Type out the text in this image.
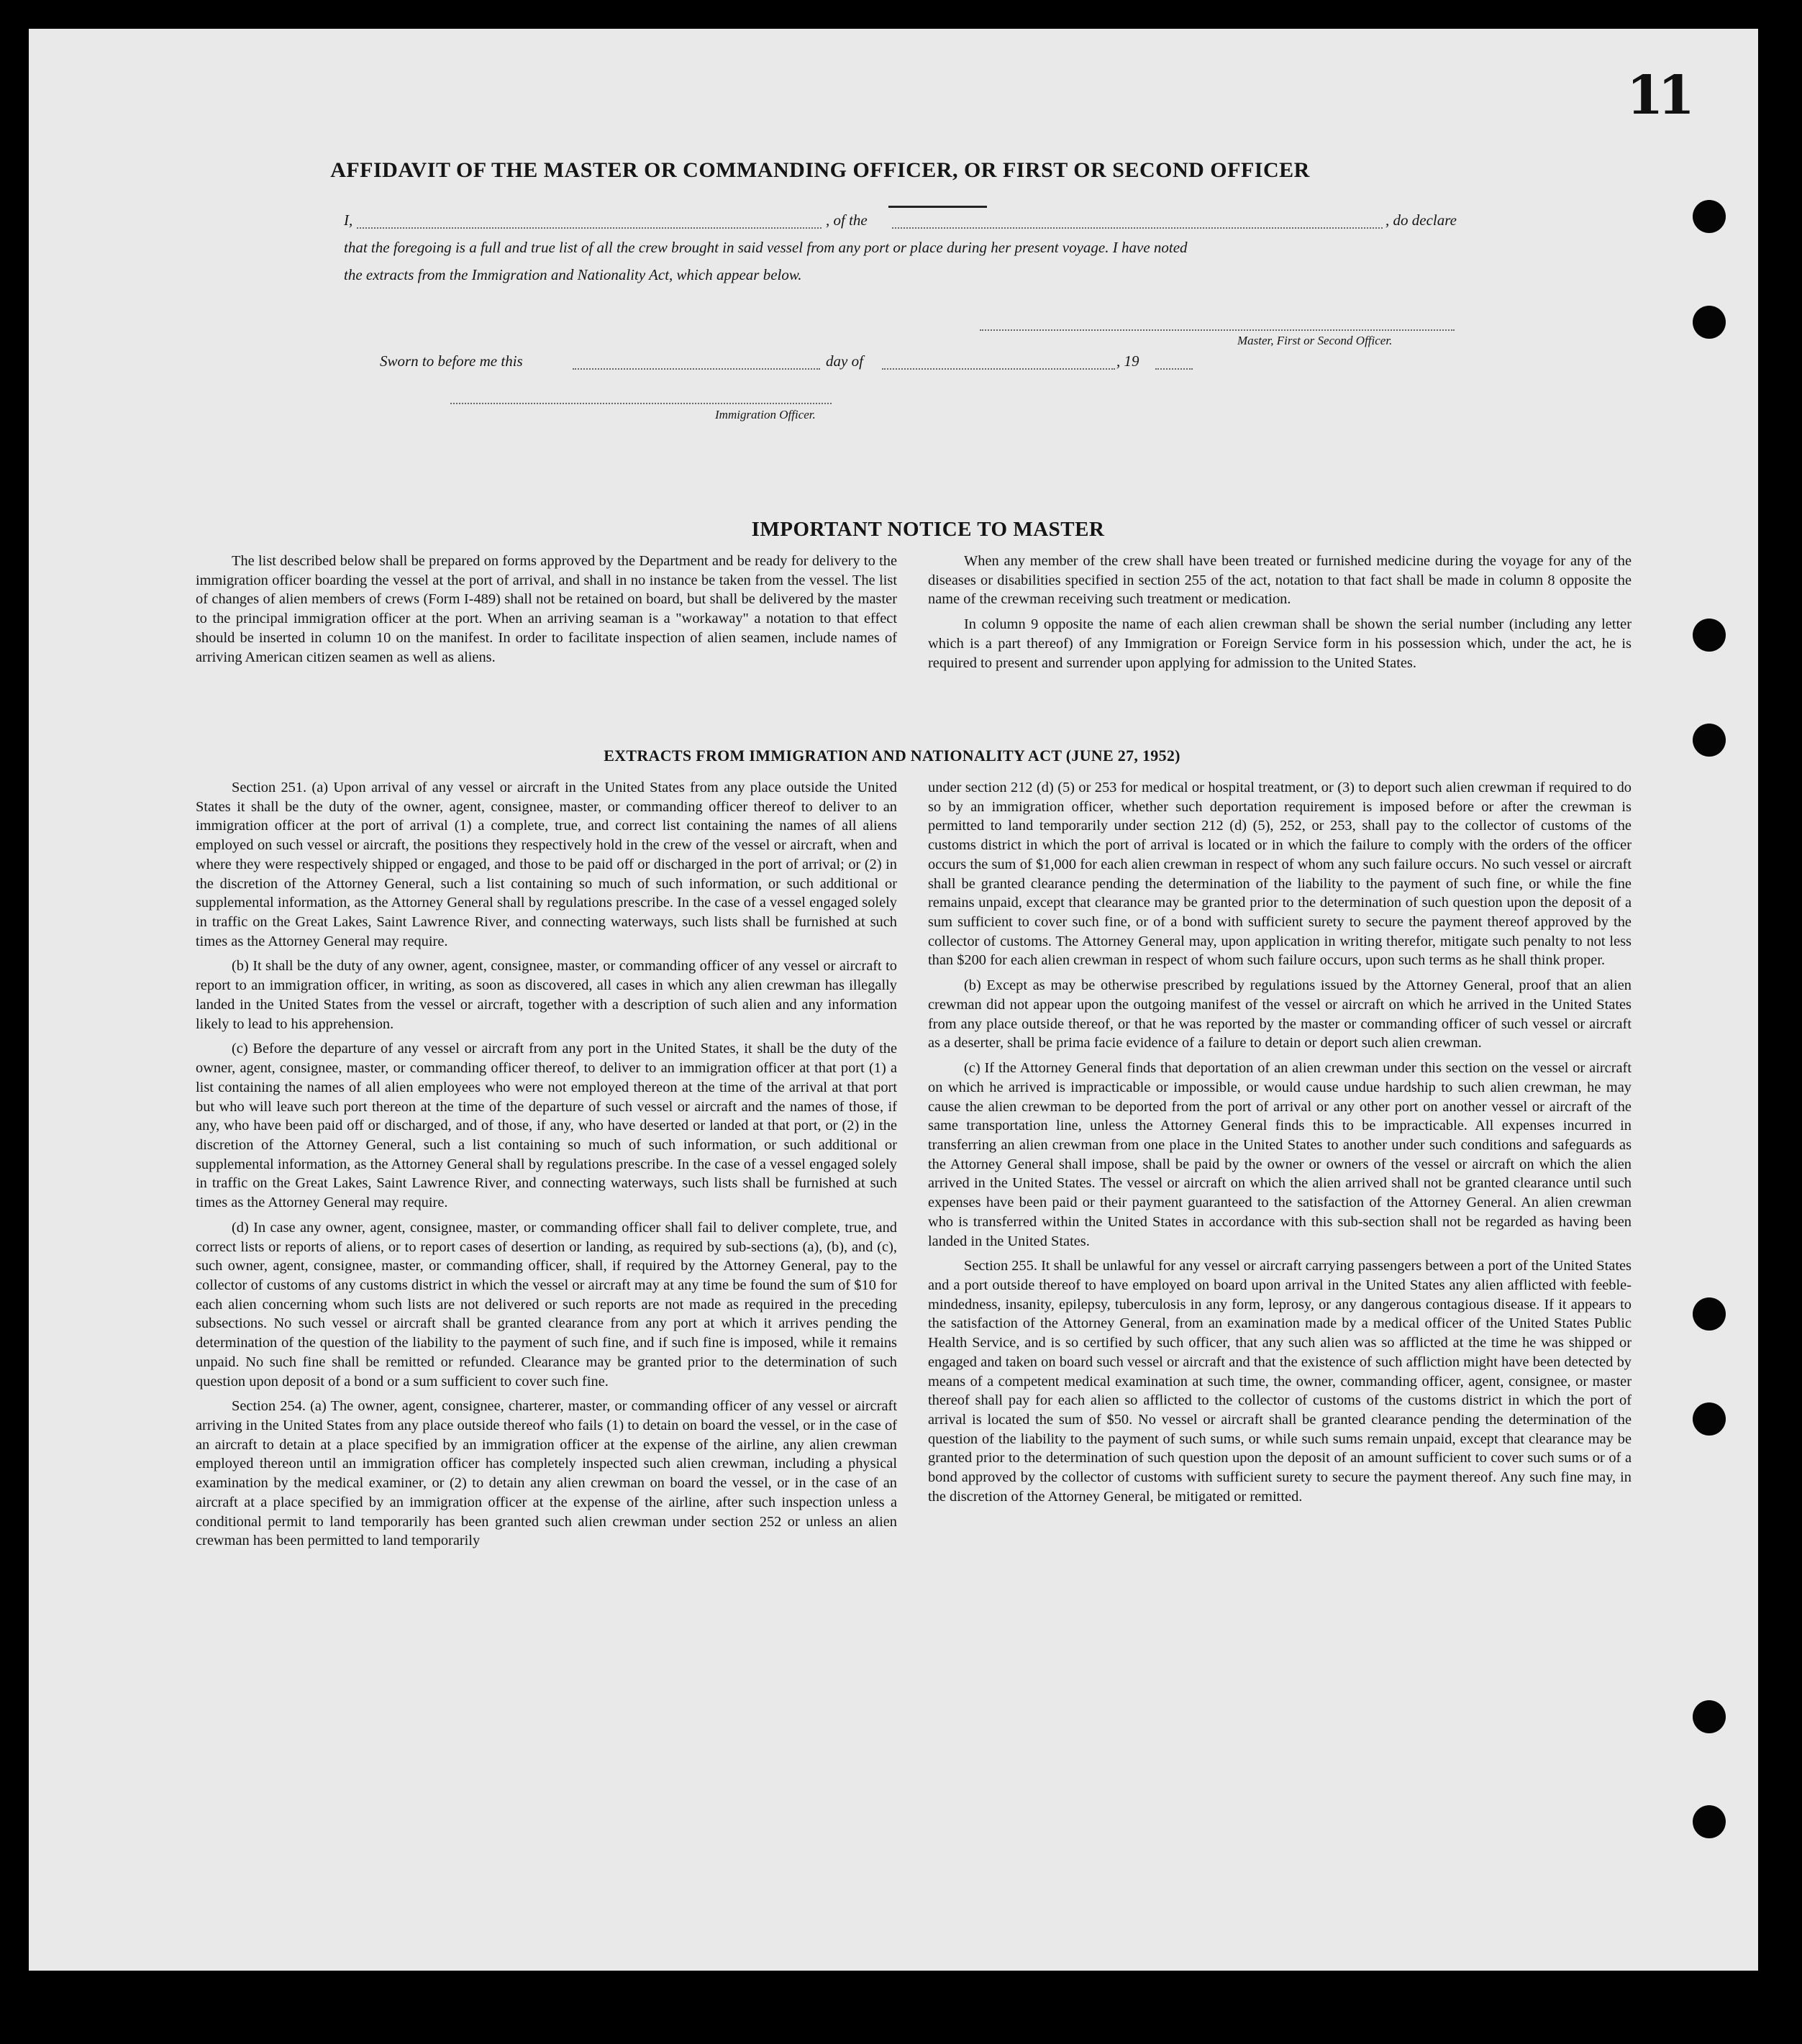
11
AFFIDAVIT OF THE MASTER OR COMMANDING OFFICER, OR FIRST OR SECOND OFFICER
I,	, of the	, do declare
that the foregoing is a full and true list of all the crew brought in said vessel from any port or place during her present voyage. I have noted
the extracts from the Immigration and Nationality Act, which appear below.
Master, First or Second Officer.
Sworn to before me this	day of	, 19
Immigration Officer.
IMPORTANT NOTICE TO MASTER

The list described below shall be prepared on forms approved by the Department and be ready for delivery to the immigration officer boarding the vessel at the port of arrival, and shall in no instance be taken from the vessel. The list of changes of alien members of crews (Form I-489) shall not be retained on board, but shall be delivered by the master to the principal immigration officer at the port. When an arriving seaman is a "workaway" a notation to that effect should be inserted in column 10 on the manifest. In order to facilitate inspection of alien seamen, include names of arriving American citizen seamen as well as aliens.

When any member of the crew shall have been treated or furnished medicine during the voyage for any of the diseases or disabilities specified in section 255 of the act, notation to that fact shall be made in column 8 opposite the name of the crewman receiving such treatment or medication.

In column 9 opposite the name of each alien crewman shall be shown the serial number (including any letter which is a part thereof) of any Immigration or Foreign Service form in his possession which, under the act, he is required to present and surrender upon applying for admission to the United States.

EXTRACTS FROM IMMIGRATION AND NATIONALITY ACT (JUNE 27, 1952)

Section 251. (a) Upon arrival of any vessel or aircraft in the United States from any place outside the United States it shall be the duty of the owner, agent, consignee, master, or commanding officer thereof to deliver to an immigration officer at the port of arrival (1) a complete, true, and correct list containing the names of all aliens employed on such vessel or aircraft, the positions they respectively hold in the crew of the vessel or aircraft, when and where they were respectively shipped or engaged, and those to be paid off or discharged in the port of arrival; or (2) in the discretion of the Attorney General, such a list containing so much of such information, or such additional or supplemental information, as the Attorney General shall by regulations prescribe. In the case of a vessel engaged solely in traffic on the Great Lakes, Saint Lawrence River, and connecting waterways, such lists shall be furnished at such times as the Attorney General may require.

(b) It shall be the duty of any owner, agent, consignee, master, or commanding officer of any vessel or aircraft to report to an immigration officer, in writing, as soon as discovered, all cases in which any alien crewman has illegally landed in the United States from the vessel or aircraft, together with a description of such alien and any information likely to lead to his apprehension.

(c) Before the departure of any vessel or aircraft from any port in the United States, it shall be the duty of the owner, agent, consignee, master, or commanding officer thereof, to deliver to an immigration officer at that port (1) a list containing the names of all alien employees who were not employed thereon at the time of the arrival at that port but who will leave such port thereon at the time of the departure of such vessel or aircraft and the names of those, if any, who have been paid off or discharged, and of those, if any, who have deserted or landed at that port, or (2) in the discretion of the Attorney General, such a list containing so much of such information, or such additional or supplemental information, as the Attorney General shall by regulations prescribe. In the case of a vessel engaged solely in traffic on the Great Lakes, Saint Lawrence River, and connecting waterways, such lists shall be furnished at such times as the Attorney General may require.

(d) In case any owner, agent, consignee, master, or commanding officer shall fail to deliver complete, true, and correct lists or reports of aliens, or to report cases of desertion or landing, as required by sub-sections (a), (b), and (c), such owner, agent, consignee, master, or commanding officer, shall, if required by the Attorney General, pay to the collector of customs of any customs district in which the vessel or aircraft may at any time be found the sum of $10 for each alien concerning whom such lists are not delivered or such reports are not made as required in the preceding subsections. No such vessel or aircraft shall be granted clearance from any port at which it arrives pending the determination of the question of the liability to the payment of such fine, and if such fine is imposed, while it remains unpaid. No such fine shall be remitted or refunded. Clearance may be granted prior to the determination of such question upon deposit of a bond or a sum sufficient to cover such fine.

Section 254. (a) The owner, agent, consignee, charterer, master, or commanding officer of any vessel or aircraft arriving in the United States from any place outside thereof who fails (1) to detain on board the vessel, or in the case of an aircraft to detain at a place specified by an immigration officer at the expense of the airline, any alien crewman employed thereon until an immigration officer has completely inspected such alien crewman, including a physical examination by the medical examiner, or (2) to detain any alien crewman on board the vessel, or in the case of an aircraft at a place specified by an immigration officer at the expense of the airline, after such inspection unless a conditional permit to land temporarily has been granted such alien crewman under section 252 or unless an alien crewman has been permitted to land temporarily

under section 212 (d) (5) or 253 for medical or hospital treatment, or (3) to deport such alien crewman if required to do so by an immigration officer, whether such deportation requirement is imposed before or after the crewman is permitted to land temporarily under section 212 (d) (5), 252, or 253, shall pay to the collector of customs of the customs district in which the port of arrival is located or in which the failure to comply with the orders of the officer occurs the sum of $1,000 for each alien crewman in respect of whom any such failure occurs. No such vessel or aircraft shall be granted clearance pending the determination of the liability to the payment of such fine, or while the fine remains unpaid, except that clearance may be granted prior to the determination of such question upon the deposit of a sum sufficient to cover such fine, or of a bond with sufficient surety to secure the payment thereof approved by the collector of customs. The Attorney General may, upon application in writing therefor, mitigate such penalty to not less than $200 for each alien crewman in respect of whom such failure occurs, upon such terms as he shall think proper.

(b) Except as may be otherwise prescribed by regulations issued by the Attorney General, proof that an alien crewman did not appear upon the outgoing manifest of the vessel or aircraft on which he arrived in the United States from any place outside thereof, or that he was reported by the master or commanding officer of such vessel or aircraft as a deserter, shall be prima facie evidence of a failure to detain or deport such alien crewman.

(c) If the Attorney General finds that deportation of an alien crewman under this section on the vessel or aircraft on which he arrived is impracticable or impossible, or would cause undue hardship to such alien crewman, he may cause the alien crewman to be deported from the port of arrival or any other port on another vessel or aircraft of the same transportation line, unless the Attorney General finds this to be impracticable. All expenses incurred in transferring an alien crewman from one place in the United States to another under such conditions and safeguards as the Attorney General shall impose, shall be paid by the owner or owners of the vessel or aircraft on which the alien arrived in the United States. The vessel or aircraft on which the alien arrived shall not be granted clearance until such expenses have been paid or their payment guaranteed to the satisfaction of the Attorney General. An alien crewman who is transferred within the United States in accordance with this sub-section shall not be regarded as having been landed in the United States.

Section 255. It shall be unlawful for any vessel or aircraft carrying passengers between a port of the United States and a port outside thereof to have employed on board upon arrival in the United States any alien afflicted with feeble-mindedness, insanity, epilepsy, tuberculosis in any form, leprosy, or any dangerous contagious disease. If it appears to the satisfaction of the Attorney General, from an examination made by a medical officer of the United States Public Health Service, and is so certified by such officer, that any such alien was so afflicted at the time he was shipped or engaged and taken on board such vessel or aircraft and that the existence of such affliction might have been detected by means of a competent medical examination at such time, the owner, commanding officer, agent, consignee, or master thereof shall pay for each alien so afflicted to the collector of customs of the customs district in which the port of arrival is located the sum of $50. No vessel or aircraft shall be granted clearance pending the determination of the question of the liability to the payment of such sums, or while such sums remain unpaid, except that clearance may be granted prior to the determination of such question upon the deposit of an amount sufficient to cover such sums or of a bond approved by the collector of customs with sufficient surety to secure the payment thereof. Any such fine may, in the discretion of the Attorney General, be mitigated or remitted.
